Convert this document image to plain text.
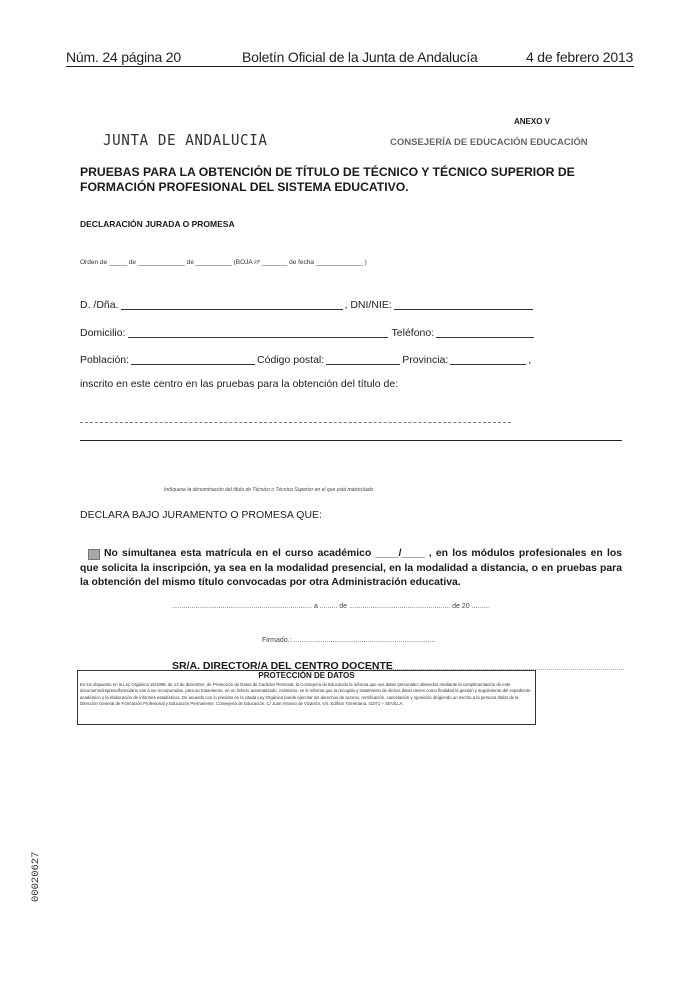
Núm. 24 página 20	Boletín Oficial de la Junta de Andalucía	4 de febrero 2013
ANEXO V
JUNTA DE ANDALUCIA	CONSEJERÍA DE EDUCACIÓN EDUCACIÓN
PRUEBAS PARA LA OBTENCIÓN DE TÍTULO DE TÉCNICO Y TÉCNICO SUPERIOR DE FORMACIÓN PROFESIONAL DEL SISTEMA EDUCATIVO.
DECLARACIÓN JURADA O PROMESA
Orden de _____ de _____________ de __________ (BOJA nº _______ de fecha _____________ )
D. /Dña.	, DNI/NIE:
Domicilio:	Teléfono:
Población:	Código postal:	Provincia:	,
inscrito en este centro en las pruebas para la obtención del título de:
Indíquese la denominación del título de Técnico o Técnico Superior en el que está matriculado
DECLARA BAJO JURAMENTO O PROMESA QUE:
No simultanea esta matrícula en el curso académico ____/____ , en los módulos profesionales en los que solicita la inscripción, ya sea en la modalidad presencial, en la modalidad a distancia, o en pruebas para la obtención del mismo título convocadas por otra Administración educativa.
........................................................................ a ......... de .................................................... de 20 .........
Firmado.: .........................................................................
SR/A. DIRECTOR/A DEL CENTRO DOCENTE
PROTECCIÓN DE DATOS
En los dispuesto en la Ley Orgánica 15/1999, de 13 de diciembre, de Protección de Datos de Carácter Personal, la Consejería de Educación le informa que sus datos personales obtenidos mediante la cumplimentación de este documento/impreso/formulario van a ser incorporadas, para su tratamiento, en un fichero automatizado. Asimismo, se le informa que la recogida y tratamiento de dichos datos tienen como finalidad la gestión y seguimiento del expediente académico y la elaboración de informes estadísticos. De acuerdo con lo previsto en la citada Ley Orgánica puede ejercitar los derechos de acceso, rectificación, cancelación y oposición dirigiendo un escrito a la persona titular de la Dirección General de Formación Profesional y Educación Permanente. Consejería de Educación, C/ Juan Antonio de Vizarrón, s/n. Edificio Torretriana. 41071 – SEVILLA.
00020627
